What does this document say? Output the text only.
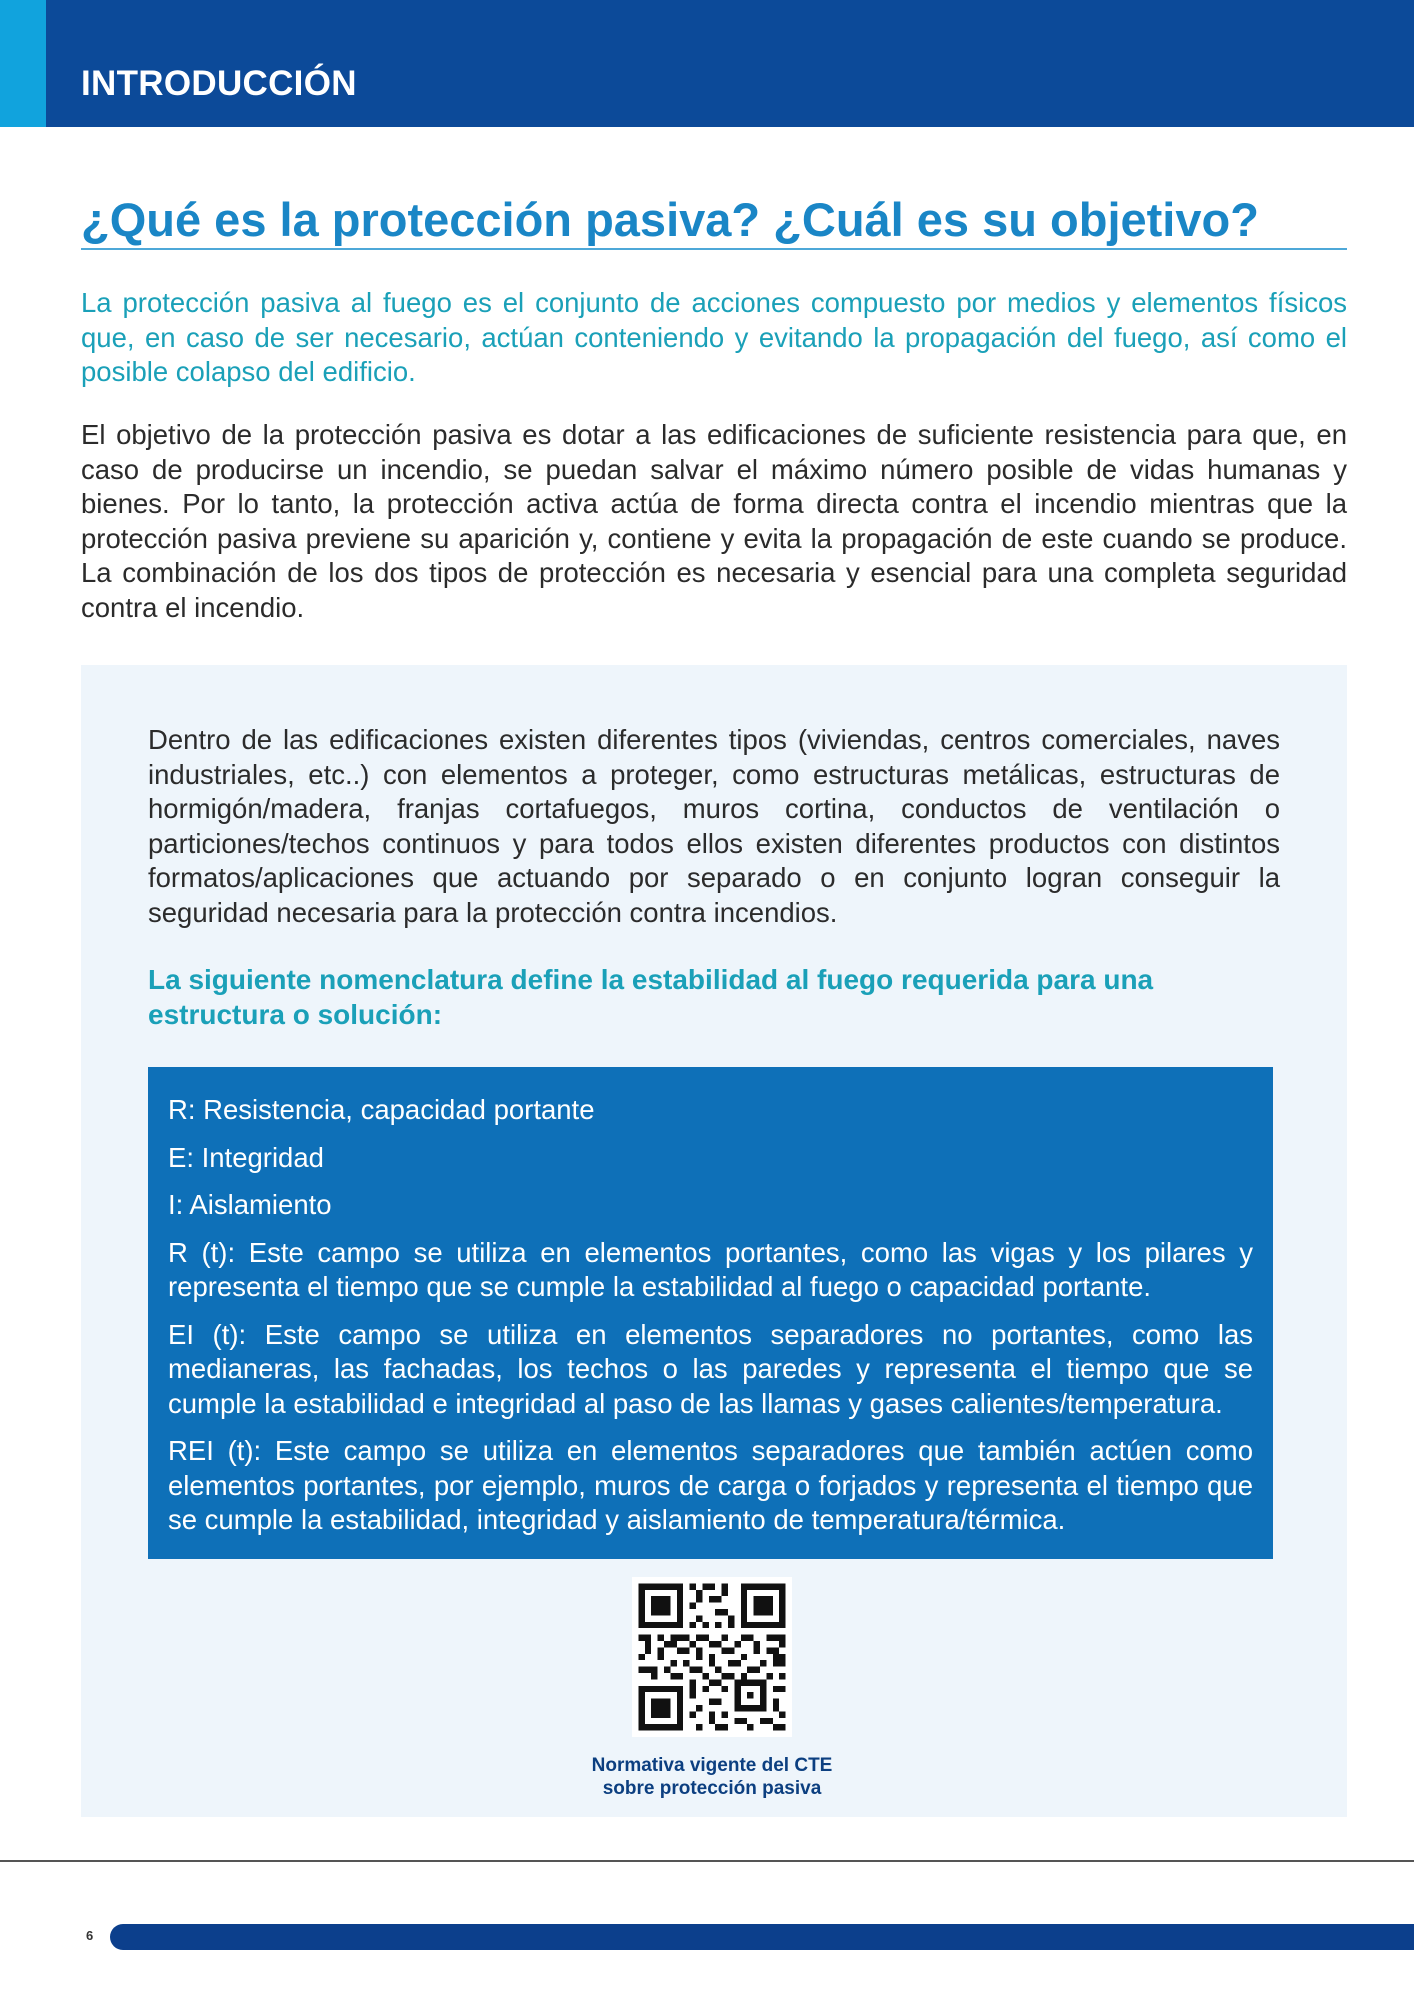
INTRODUCCIÓN
¿Qué es la protección pasiva? ¿Cuál es su objetivo?

La protección pasiva al fuego es el conjunto de acciones compuesto por medios y elementos físicos que, en caso de ser necesario, actúan conteniendo y evitando la propagación del fuego, así como el posible colapso del edificio.

El objetivo de la protección pasiva es dotar a las edificaciones de suficiente resistencia para que, en caso de producirse un incendio, se puedan salvar el máximo número posible de vidas humanas y bienes. Por lo tanto, la protección activa actúa de forma directa contra el incendio mientras que la protección pasiva previene su aparición y, contiene y evita la propagación de este cuando se produce. La combinación de los dos tipos de protección es necesaria y esencial para una completa seguridad contra el incendio.

Dentro de las edificaciones existen diferentes tipos (viviendas, centros comerciales, naves industriales, etc..) con elementos a proteger, como estructuras metálicas, estructuras de hormigón/madera, franjas cortafuegos, muros cortina, conductos de ventilación o particiones/techos continuos y para todos ellos existen diferentes productos con distintos formatos/aplicaciones que actuando por separado o en conjunto logran conseguir la seguridad necesaria para la protección contra incendios.

La siguiente nomenclatura define la estabilidad al fuego requerida para una estructura o solución:

R: Resistencia, capacidad portante

E: Integridad

I: Aislamiento

R (t): Este campo se utiliza en elementos portantes, como las vigas y los pilares y representa el tiempo que se cumple la estabilidad al fuego o capacidad portante.

EI (t): Este campo se utiliza en elementos separadores no portantes, como las medianeras, las fachadas, los techos o las paredes y representa el tiempo que se cumple la estabilidad e integridad al paso de las llamas y gases calientes/temperatura.

REI (t): Este campo se utiliza en elementos separadores que también actúen como elementos portantes, por ejemplo, muros de carga o forjados y representa el tiempo que se cumple la estabilidad, integridad y aislamiento de temperatura/térmica.

Normativa vigente del CTE
sobre protección pasiva
6
